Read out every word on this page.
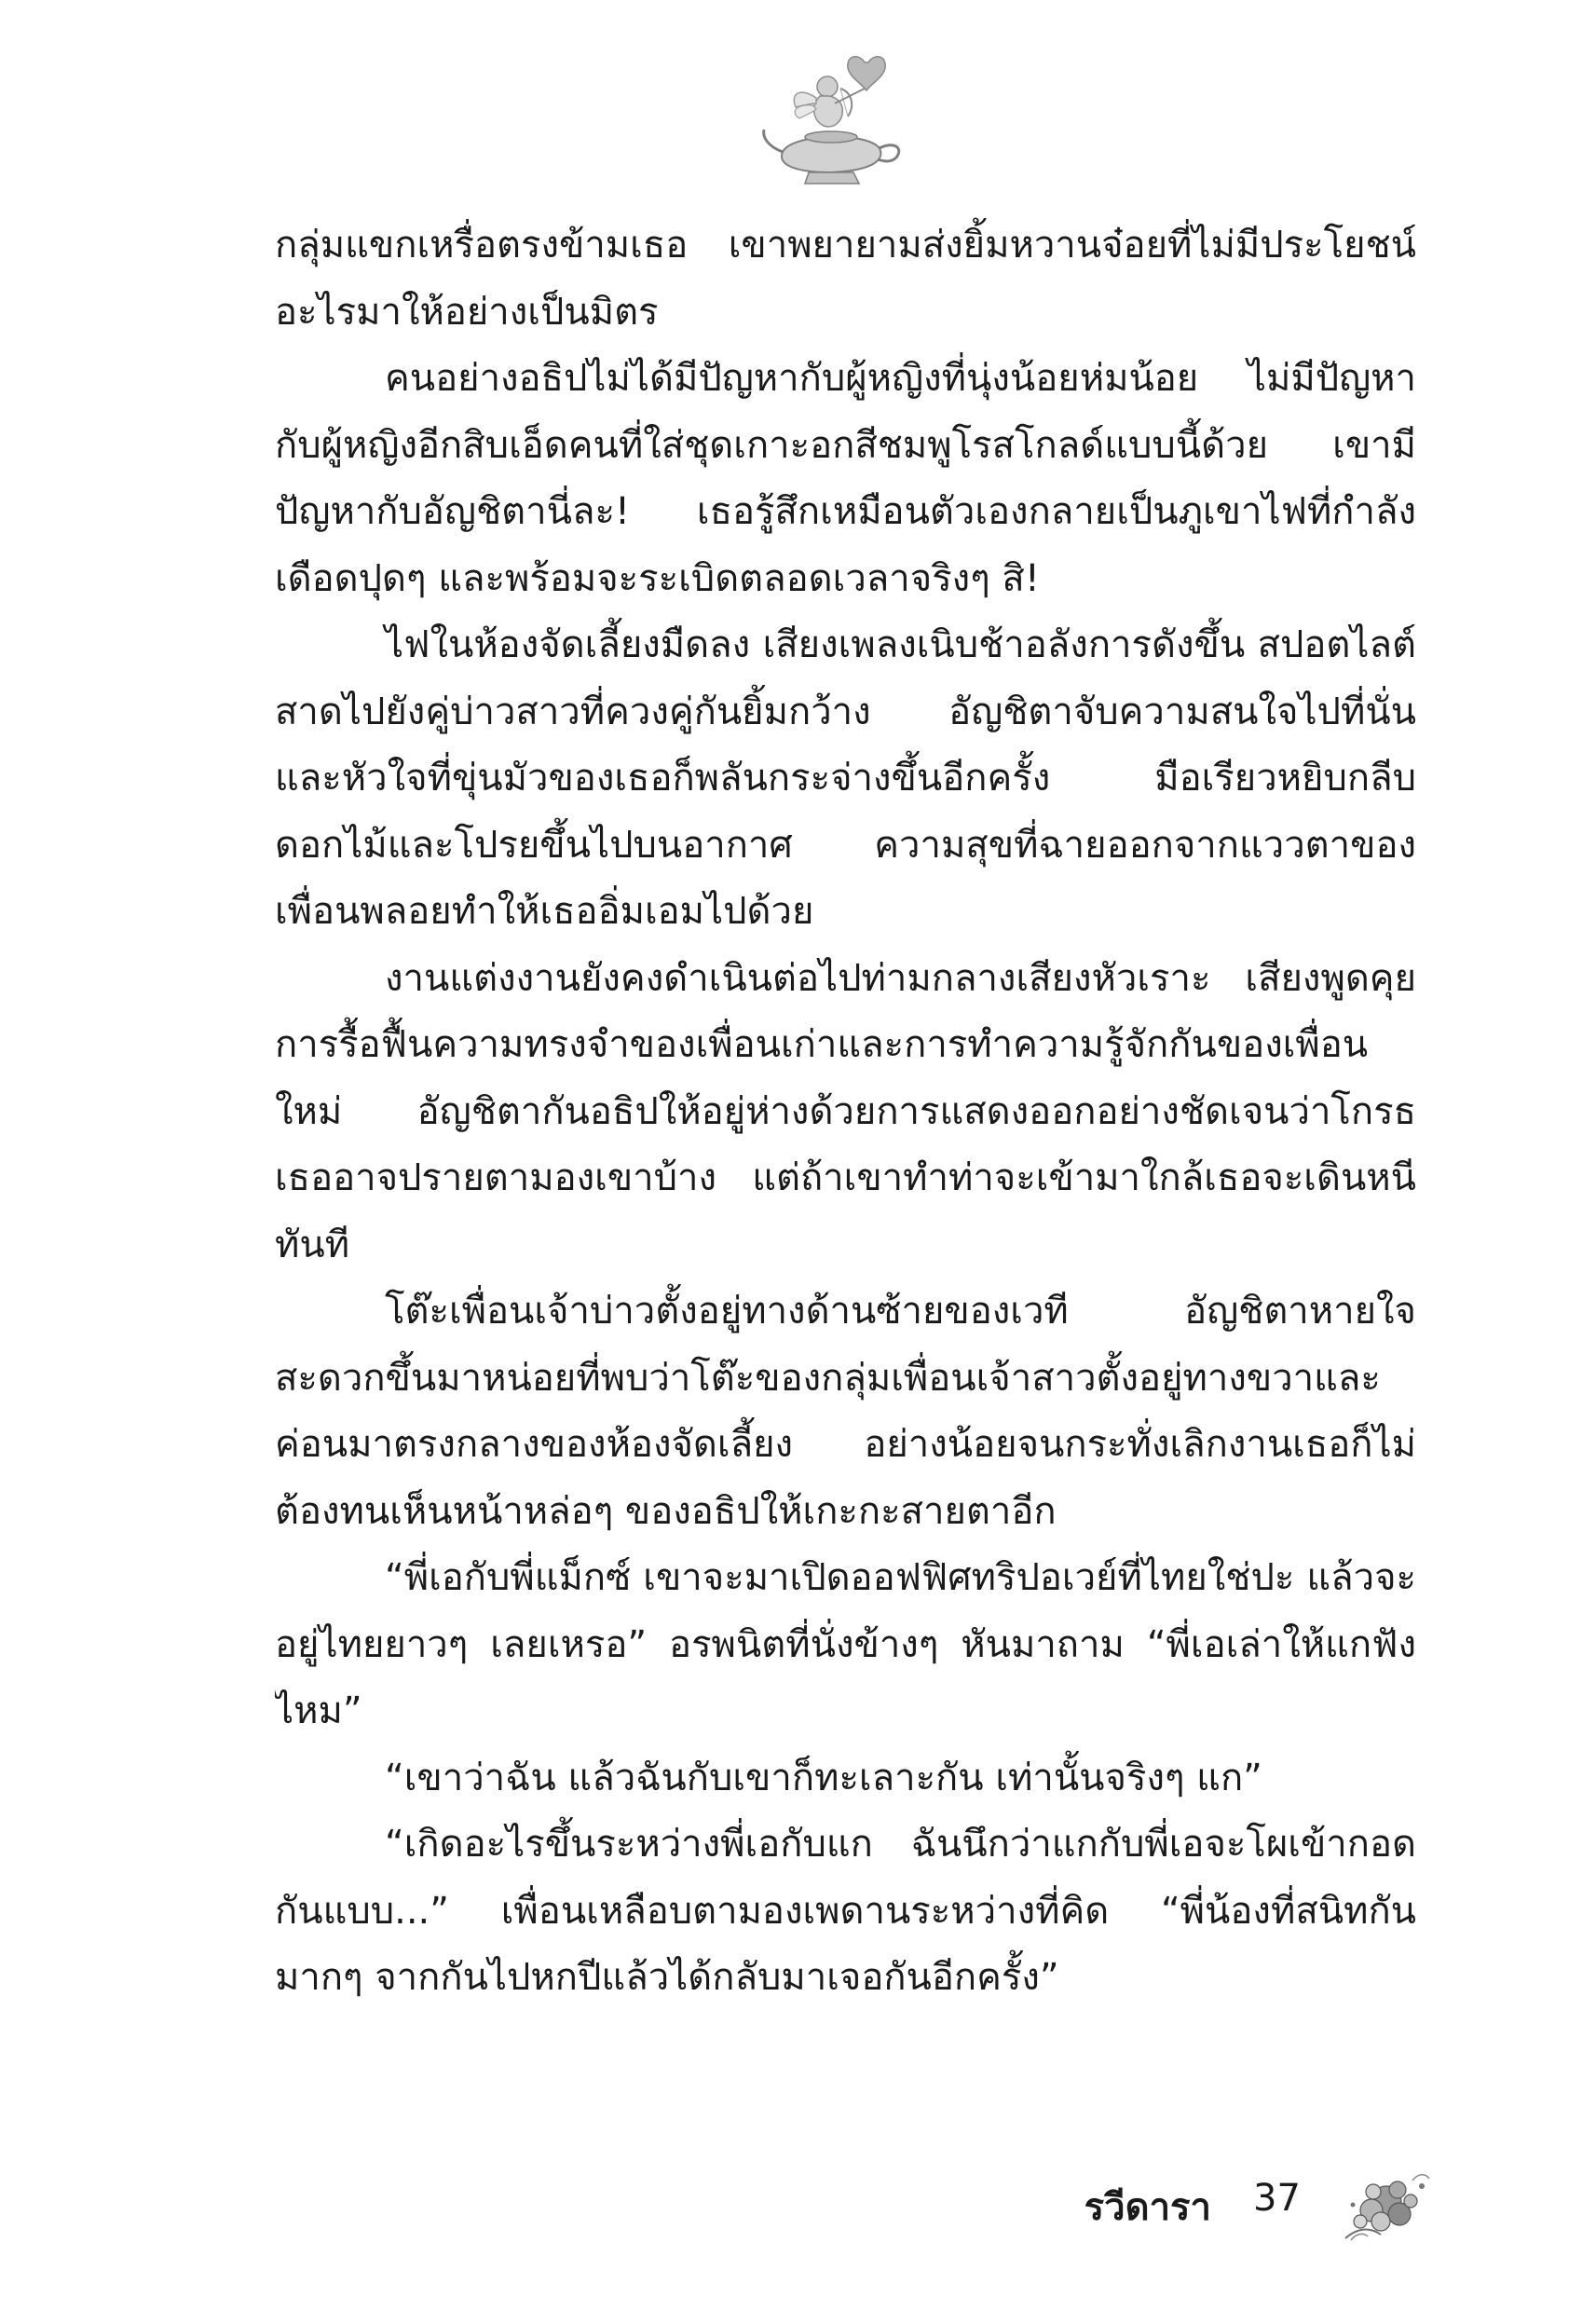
กลุ่มแขกเหรื่อตรงข้ามเธอ เขาพยายามส่งยิ้มหวานจ๋อยที่ไม่มีประโยชน์อะไรมาให้อย่างเป็นมิตร

คนอย่างอธิปไม่ได้มีปัญหากับผู้หญิงที่นุ่งน้อยห่มน้อย ไม่มีปัญหากับผู้หญิงอีกสิบเอ็ดคนที่ใส่ชุดเกาะอกสีชมพูโรสโกลด์แบบนี้ด้วย เขามีปัญหากับอัญชิตานี่ละ! เธอรู้สึกเหมือนตัวเองกลายเป็นภูเขาไฟที่กำลังเดือดปุดๆ และพร้อมจะระเบิดตลอดเวลาจริงๆ สิ!

ไฟในห้องจัดเลี้ยงมืดลง เสียงเพลงเนิบช้าอลังการดังขึ้น สปอตไลต์สาดไปยังคู่บ่าวสาวที่ควงคู่กันยิ้มกว้าง อัญชิตาจับความสนใจไปที่นั่นและหัวใจที่ขุ่นมัวของเธอก็พลันกระจ่างขึ้นอีกครั้ง มือเรียวหยิบกลีบดอกไม้และโปรยขึ้นไปบนอากาศ ความสุขที่ฉายออกจากแววตาของเพื่อนพลอยทำให้เธออิ่มเอมไปด้วย

งานแต่งงานยังคงดำเนินต่อไปท่ามกลางเสียงหัวเราะ เสียงพูดคุยการรื้อฟื้นความทรงจำของเพื่อนเก่าและการทำความรู้จักกันของเพื่อนใหม่ อัญชิตากันอธิปให้อยู่ห่างด้วยการแสดงออกอย่างชัดเจนว่าโกรธ เธออาจปรายตามองเขาบ้าง แต่ถ้าเขาทำท่าจะเข้ามาใกล้เธอจะเดินหนีทันที

โต๊ะเพื่อนเจ้าบ่าวตั้งอยู่ทางด้านซ้ายของเวที อัญชิตาหายใจสะดวกขึ้นมาหน่อยที่พบว่าโต๊ะของกลุ่มเพื่อนเจ้าสาวตั้งอยู่ทางขวาและค่อนมาตรงกลางของห้องจัดเลี้ยง อย่างน้อยจนกระทั่งเลิกงานเธอก็ไม่ต้องทนเห็นหน้าหล่อๆ ของอธิปให้เกะกะสายตาอีก

“พี่เอกับพี่แม็กซ์ เขาจะมาเปิดออฟฟิศทริปอเวย์ที่ไทยใช่ปะ แล้วจะอยู่ไทยยาวๆ เลยเหรอ” อรพนิตที่นั่งข้างๆ หันมาถาม “พี่เอเล่าให้แกฟังไหม”

“เขาว่าฉัน แล้วฉันกับเขาก็ทะเลาะกัน เท่านั้นจริงๆ แก”

“เกิดอะไรขึ้นระหว่างพี่เอกับแก ฉันนึกว่าแกกับพี่เอจะโผเข้ากอดกันแบบ...” เพื่อนเหลือบตามองเพดานระหว่างที่คิด “พี่น้องที่สนิทกันมากๆ จากกันไปหกปีแล้วได้กลับมาเจอกันอีกครั้ง”

รวีดารา 37
